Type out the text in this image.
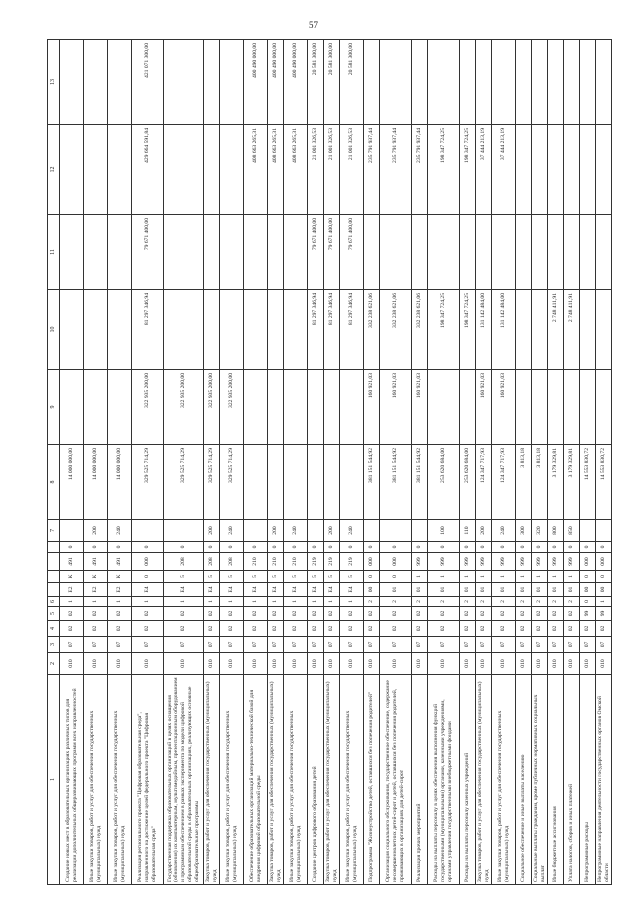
57
1	2	3	4	5	6					7	8	9	10	11	12	13
Создание новых мест в образовательных организациях различных типов для реализации дополнительных общеразвивающих программ всех направленностей	010	07	02	02	1	E2	К	491	0		14 000 000,00					
Иные закупки товаров, работ и услуг для обеспечения государственных (муниципальных) нужд	010	07	02	02	1	E2	К	491	0	200	14 000 000,00					
Иные закупки товаров, работ и услуг для обеспечения государственных (муниципальных) нужд	010	07	02	02	1	E2	К	491	0	240	14 000 000,00					
Реализация регионального проекта "Цифровая образовательная среда", направленного на достижение целей федерального проекта "Цифровая образовательная среда"	010	07	02	02	1	E4	0	000	0		329 525 714,29	322 935 200,00	81 297 346,94	79 671 400,00	429 664 591,84	421 071 300,00
Государственная поддержка образовательных организаций в целях оснащения (обновления) их компьютерным, мультимедийным, презентационным оборудованием и программным обеспечением в рамках эксперимента по модели цифровой образовательной среды в образовательных организациях, реализующих основные общеобразовательные программы	010	07	02	02	1	E4	5	208	0		329 525 714,29	322 935 200,00				
Закупка товаров, работ и услуг для обеспечения государственных (муниципальных) нужд	010	07	02	02	1	E4	5	208	0	200	329 525 714,29	322 935 200,00				
Иные закупки товаров, работ и услуг для обеспечения государственных (муниципальных) нужд	010	07	02	02	1	E4	5	208	0	240	329 525 714,29	322 935 200,00				
Обеспечение образовательных организаций материально-технической базой для внедрения цифровой образовательной среды	010	07	02	02	1	E4	5	210	0						408 663 265,31	400 490 000,00
Закупка товаров, работ и услуг для обеспечения государственных (муниципальных) нужд	010	07	02	02	1	E4	5	210	0	200					408 663 265,31	400 490 000,00
Иные закупки товаров, работ и услуг для обеспечения государственных (муниципальных) нужд	010	07	02	02	1	E4	5	210	0	240					408 663 265,31	400 490 000,00
Создание центров цифрового образования детей	010	07	02	02	1	E4	5	219	0				81 297 346,94	79 671 400,00	21 001 326,53	20 581 300,00
Закупка товаров, работ и услуг для обеспечения государственных (муниципальных) нужд	010	07	02	02	1	E4	5	219	0	200			81 297 346,94	79 671 400,00	21 001 326,53	20 581 300,00
Иные закупки товаров, работ и услуг для обеспечения государственных (муниципальных) нужд	010	07	02	02	1	E4	5	219	0	240			81 297 346,94	79 671 400,00	21 001 326,53	20 581 300,00
Подпрограмма "Жизнеустройство детей, оставшихся без попечения родителей"	010	07	02	02	2	00	0	000	0		381 151 544,92	160 921,03	332 238 621,06		235 791 937,44	
Организация социального обслуживания, государственное обеспечение, содержание несовершеннолетних детей-сирот и детей, оставшихся без попечения родителей, проживающих в организациях для детей-сирот	010	07	02	02	2	01	0	000	0		381 151 544,92	160 921,03	332 238 621,06		235 791 937,44	
Реализация прочих мероприятий	010	07	02	02	2	01	1	999	0		381 151 544,92	160 921,03	332 238 621,06		235 791 937,44	
Расходы на выплаты персоналу в целях обеспечения выполнения функций государственными (муниципальными) органами, казенными учреждениями, органами управления государственными внебюджетными фондами	010	07	02	02	2	01	1	999	0	100	253 620 684,00		198 347 724,25		198 347 724,25	
Расходы на выплаты персоналу казенных учреждений	010	07	02	02	2	01	1	999	0	110	253 620 684,00		198 347 724,25		198 347 724,25	
Закупка товаров, работ и услуг для обеспечения государственных (муниципальных) нужд	010	07	02	02	2	01	1	999	0	200	124 347 717,93	160 921,03	131 142 484,00		37 444 213,19	
Иные закупки товаров, работ и услуг для обеспечения государственных (муниципальных) нужд	010	07	02	02	2	01	1	999	0	240	124 347 717,93	160 921,03	131 142 484,00		37 444 213,19	
Социальное обеспечение и иные выплаты населению	010	07	02	02	2	01	1	999	0	300	3 813,18					
Социальные выплаты гражданам, кроме публичных нормативных социальных выплат	010	07	02	02	2	01	1	999	0	320	3 813,18					
Иные бюджетные ассигнования	010	07	02	02	2	01	1	999	0	800	3 179 329,81		2 748 411,91			
Уплата налогов, сборов и иных платежей	010	07	02	02	2	01	1	999	0	850	3 179 329,81		2 748 411,91			
Непрограммные расходы	010	07	02	99	0	00	0	000	0		14 553 830,72					
Непрограммные направления деятельности государственных органов Омской области	010	07	02	99	1	00	0	000	0		14 553 830,72					
